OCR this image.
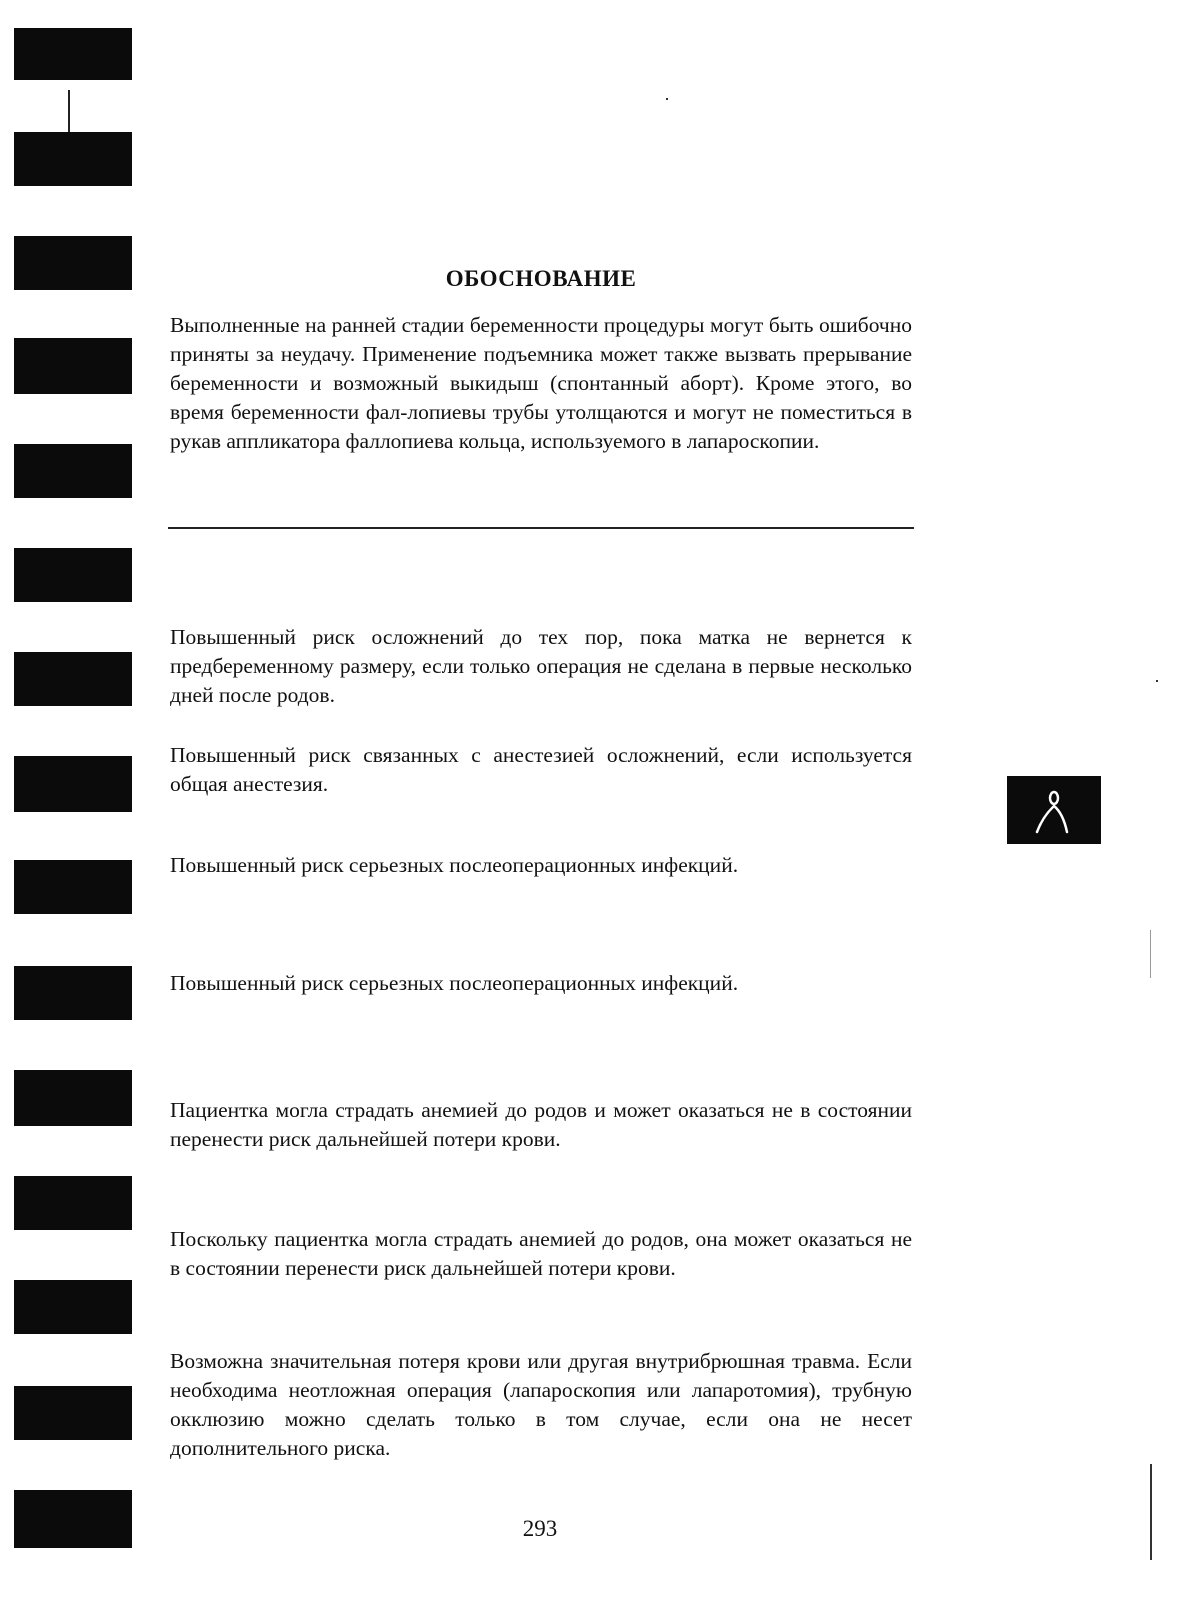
ОБОСНОВАНИЕ

Выполненные на ранней стадии беременности процедуры могут быть ошибочно приняты за неудачу. Применение подъемника может также вызвать прерывание беременности и возможный выкидыш (спонтанный аборт). Кроме этого, во время беременности фал-лопиевы трубы утолщаются и могут не поместиться в рукав аппликатора фаллопиева кольца, используемого в лапароскопии.

Повышенный риск осложнений до тех пор, пока матка не вернется к предбеременному размеру, если только операция не сделана в первые несколько дней после родов.

Повышенный риск связанных с анестезией осложнений, если используется общая анестезия.

Повышенный риск серьезных послеоперационных инфекций.

Повышенный риск серьезных послеоперационных инфекций.

Пациентка могла страдать анемией до родов и может оказаться не в состоянии перенести риск дальнейшей потери крови.

Поскольку пациентка могла страдать анемией до родов, она может оказаться не в состоянии перенести риск дальнейшей потери крови.

Возможна значительная потеря крови или другая внутрибрюшная травма. Если необходима неотложная операция (лапароскопия или лапаротомия), трубную окклюзию можно сделать только в том случае, если она не несет дополнительного риска.

293
